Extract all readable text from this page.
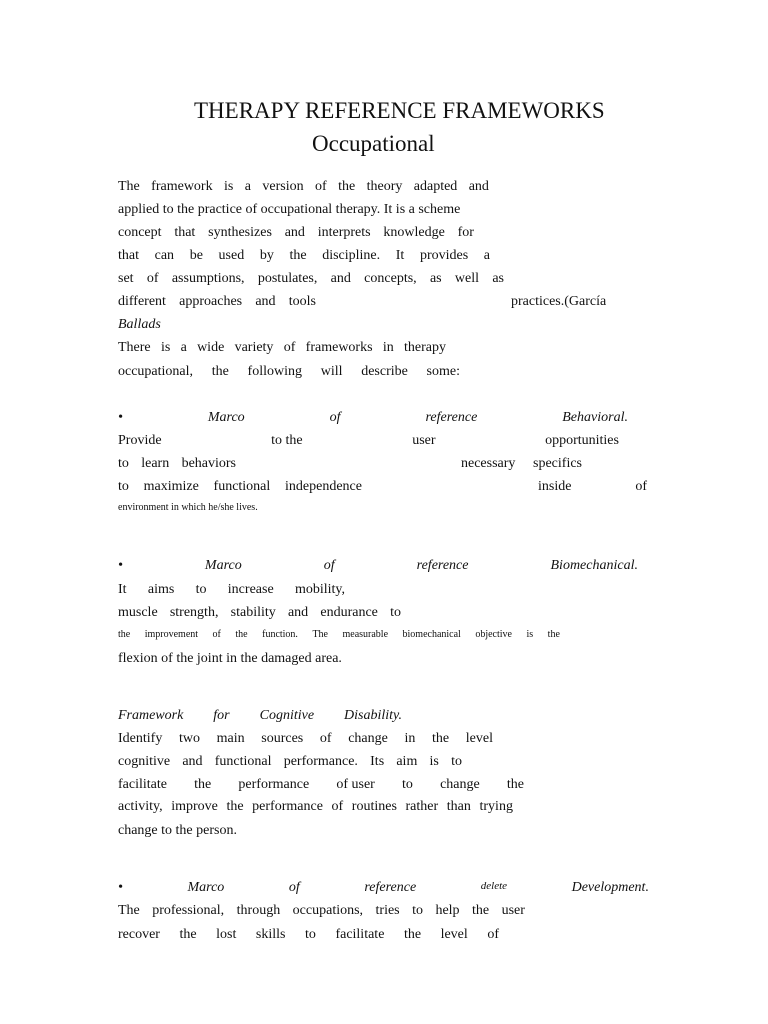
THERAPY REFERENCE FRAMEWORKS
Occupational
The framework is a version of the theory adapted and
applied to the practice of occupational therapy. It is a scheme
concept that synthesizes and interprets knowledge for
that can be used by the discipline. It provides a
set of assumptions, postulates, and concepts, as well as
different approaches and tools	practices.(García
Ballads
There is a wide variety of frameworks in therapy
occupational, the following will describe some:
•	Marco	of	reference	Behavioral.
Provide	to the	user	opportunities
to learn behaviors	necessary specifics
to maximize functional independence	inside	of
environment in which he/she lives.
•	Marco	of	reference	Biomechanical.
It aims to increase mobility,
muscle strength, stability and endurance to
the improvement of the function. The measurable biomechanical objective is the
flexion of the joint in the damaged area.
Framework for Cognitive Disability.
Identify two main sources of change in the level
cognitive and functional performance. Its aim is to
facilitate the performance of user to change the
activity, improve the performance of routines rather than trying
change to the person.
•	Marco	of	reference	delete	Development.
The professional, through occupations, tries to help the user
recover the lost skills to facilitate the level of
